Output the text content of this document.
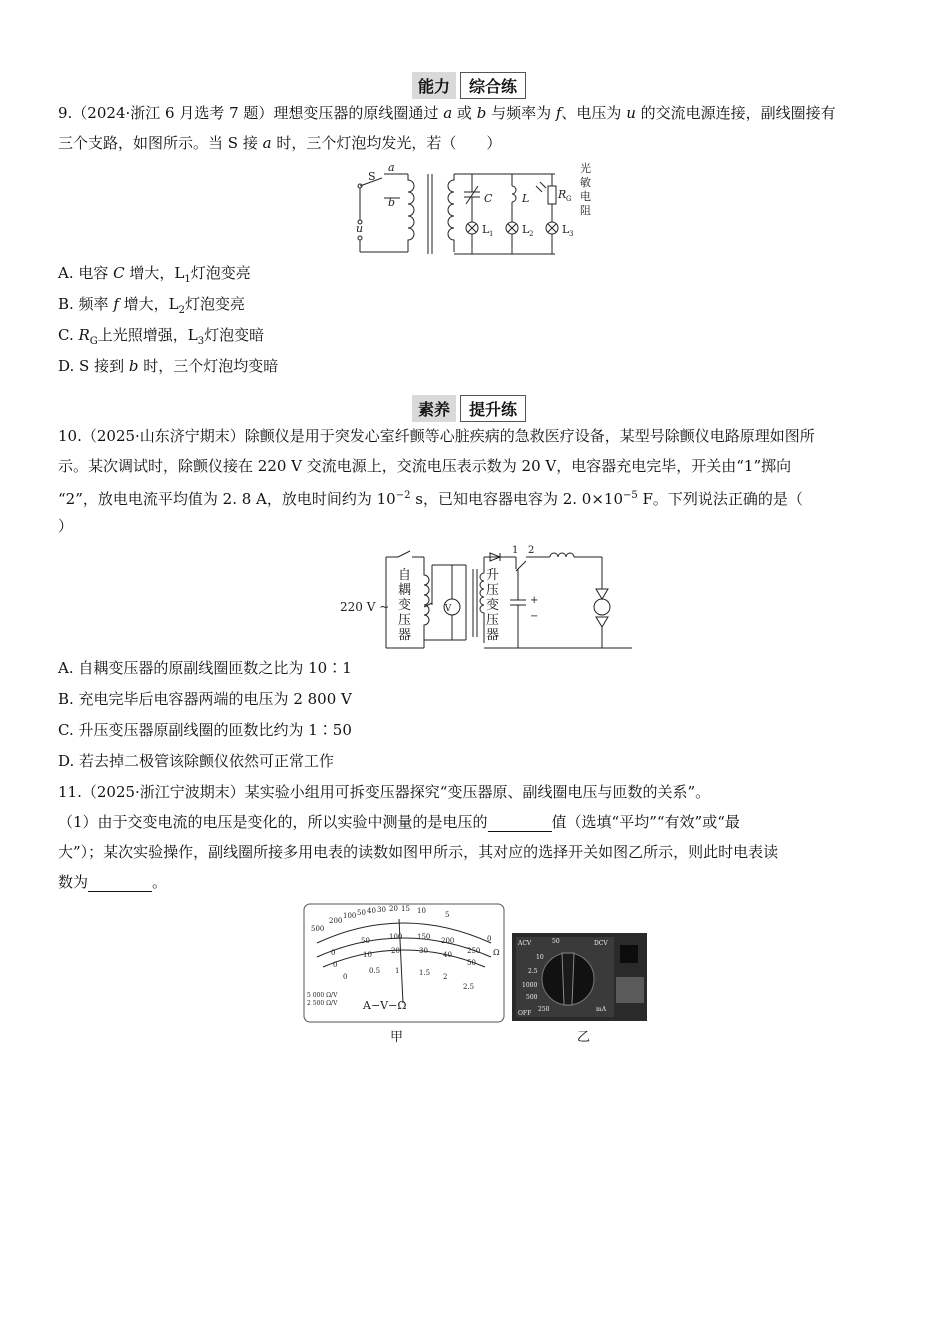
能力	综合练
9.（2024·浙江 6 月选考 7 题）理想变压器的原线圈通过 a 或 b 与频率为 f、电压为 u 的交流电源连接，副线圈接有
三个支路，如图所示。当 S 接 a 时，三个灯泡均发光，若（　　）
S
a
b
u
C	L	R G
L 1	L 2	L 3
光
敏
电
阻
A. 电容 C 增大，$L_1$灯泡变亮
B. 频率 f 增大，$L_2$灯泡变亮
C. $R_G$上光照增强，$L_3$灯泡变暗
D. S 接到 b 时，三个灯泡均变暗
素养	提升练
10.（2025·山东济宁期末）除颤仪是用于突发心室纤颤等心脏疾病的急救医疗设备，某型号除颤仪电路原理如图所
示。某次调试时，除颤仪接在 220 V 交流电源上，交流电压表示数为 20 V，电容器充电完毕，开关由“1”掷向
“2”，放电电流平均值为 2. 8 A，放电时间约为 $10^{-2}$ s，已知电容器电容为 2. $0\times 10^{-5}$ F。下列说法正确的是（
）
220 V ~	V
1 2
+
−
自耦变压器
升压变压器
A. 自耦变压器的原副线圈匝数之比为 10∶1
B. 充电完毕后电容器两端的电压为 2 800 V
C. 升压变压器原副线圈的匝数比约为 1∶50
D. 若去掉二极管该除颤仪依然可正常工作
11.（2025·浙江宁波期末）某实验小组用可拆变压器探究“变压器原、副线圈电压与匝数的关系”。
（1）由于交变电流的电压是变化的，所以实验中测量的是电压的	值（选填“平均”“有效”或“最
大”）；某次实验操作，副线圈所接多用电表的读数如图甲所示，其对应的选择开关如图乙所示，则此时电表读
数为	。
500
200
100 50 40 30 20 15 10	5
0
Ω
0
50	100 150 200
250
0
10	20	30 40
50
0
0.5 1	1.5 2
2.5
5 000 Ω/V
2 500 Ω/V A−V−Ω
ACV	50
10
2.5
1000
500
250
OFF
DCV
mA
甲	乙
